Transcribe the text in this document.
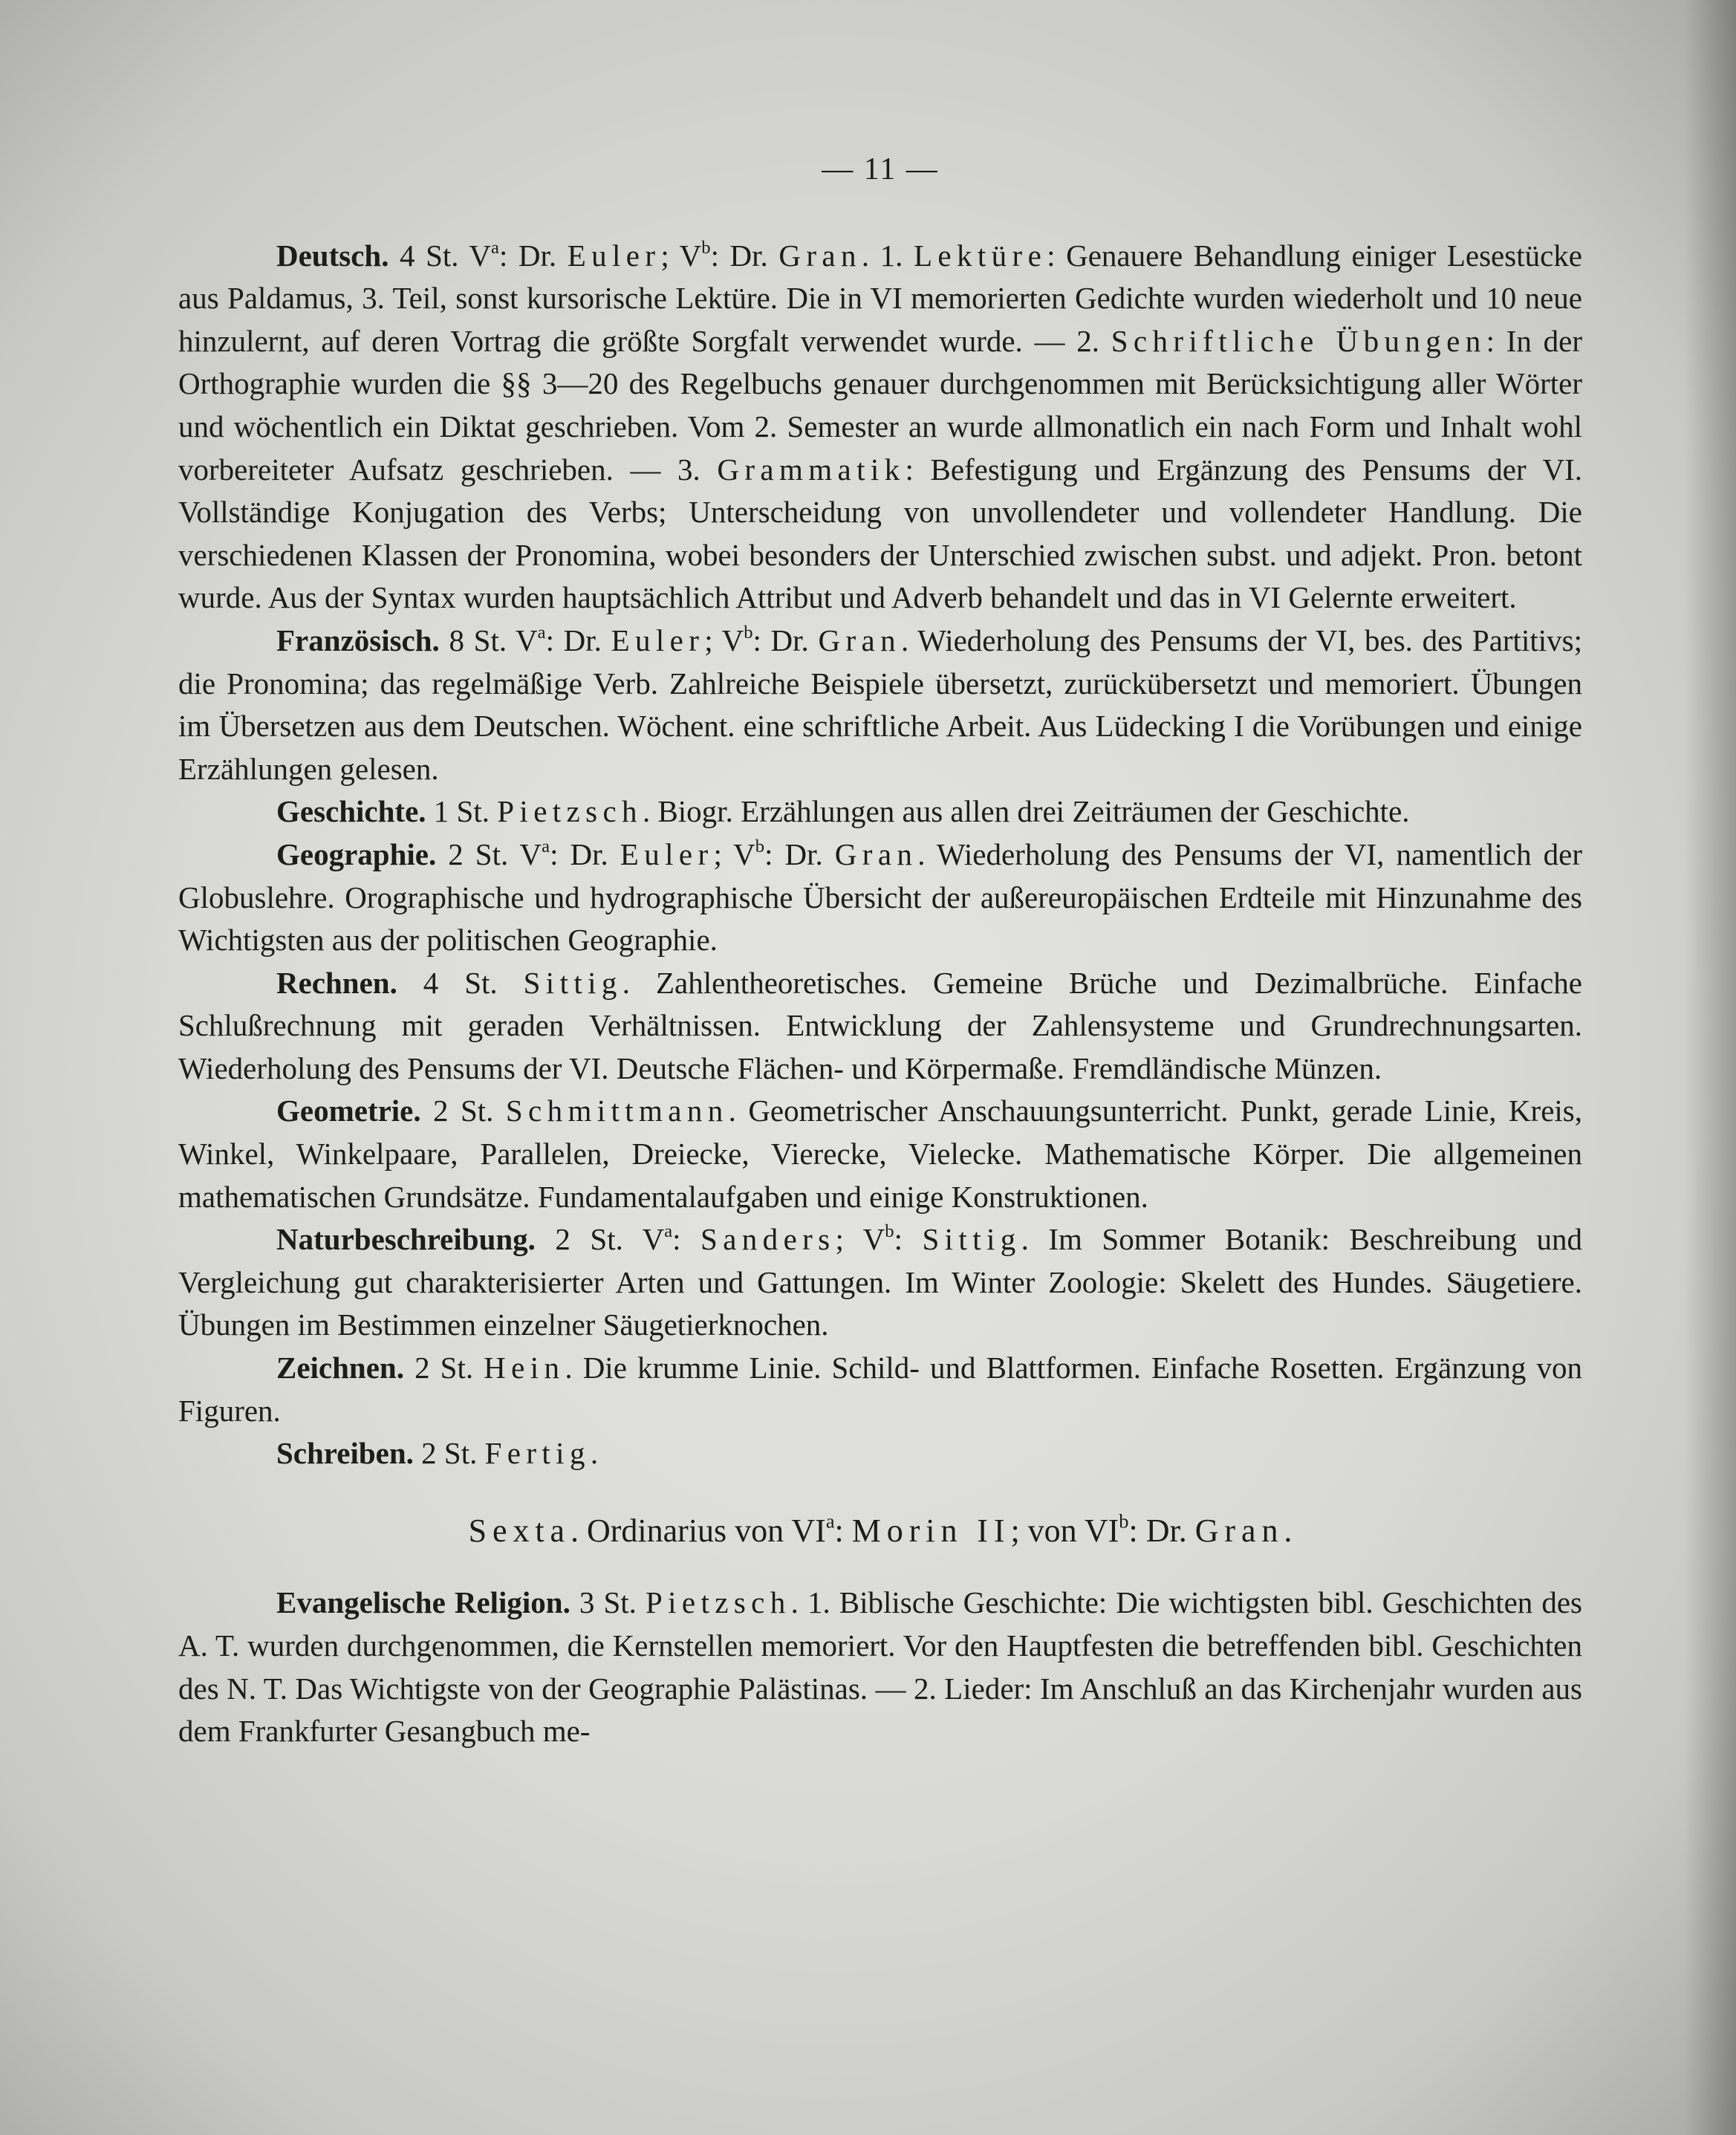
— 11 —

Deutsch. 4 St. $V^a$: Dr. Euler; $V^b$: Dr. Gran. 1. Lektüre: Genauere Behandlung einiger Lesestücke aus Paldamus, 3. Teil, sonst kursorische Lektüre. Die in VI memorierten Gedichte wurden wiederholt und 10 neue hinzulernt, auf deren Vortrag die größte Sorgfalt verwendet wurde. — 2. Schriftliche Übungen: In der Orthographie wurden die §§ 3—20 des Regelbuchs genauer durchgenommen mit Berücksichtigung aller Wörter und wöchentlich ein Diktat geschrieben. Vom 2. Semester an wurde allmonatlich ein nach Form und Inhalt wohl vorbereiteter Aufsatz geschrieben. — 3. Grammatik: Befestigung und Ergänzung des Pensums der VI. Vollständige Konjugation des Verbs; Unterscheidung von unvollendeter und vollendeter Handlung. Die verschiedenen Klassen der Pronomina, wobei besonders der Unterschied zwischen subst. und adjekt. Pron. betont wurde. Aus der Syntax wurden hauptsächlich Attribut und Adverb behandelt und das in VI Gelernte erweitert.

Französisch. 8 St. $V^a$: Dr. Euler; $V^b$: Dr. Gran. Wiederholung des Pensums der VI, bes. des Partitivs; die Pronomina; das regelmäßige Verb. Zahlreiche Beispiele übersetzt, zurückübersetzt und memoriert. Übungen im Übersetzen aus dem Deutschen. Wöchent. eine schriftliche Arbeit. Aus Lüdecking I die Vorübungen und einige Erzählungen gelesen.

Geschichte. 1 St. Pietzsch. Biogr. Erzählungen aus allen drei Zeiträumen der Geschichte.

Geographie. 2 St. $V^a$: Dr. Euler; $V^b$: Dr. Gran. Wiederholung des Pensums der VI, namentlich der Globuslehre. Orographische und hydrographische Übersicht der außereuropäischen Erdteile mit Hinzunahme des Wichtigsten aus der politischen Geographie.

Rechnen. 4 St. Sittig. Zahlentheoretisches. Gemeine Brüche und Dezimalbrüche. Einfache Schlußrechnung mit geraden Verhältnissen. Entwicklung der Zahlensysteme und Grundrechnungsarten. Wiederholung des Pensums der VI. Deutsche Flächen- und Körpermaße. Fremdländische Münzen.

Geometrie. 2 St. Schmittmann. Geometrischer Anschauungsunterricht. Punkt, gerade Linie, Kreis, Winkel, Winkelpaare, Parallelen, Dreiecke, Vierecke, Vielecke. Mathematische Körper. Die allgemeinen mathematischen Grundsätze. Fundamentalaufgaben und einige Konstruktionen.

Naturbeschreibung. 2 St. $V^a$: Sanders; $V^b$: Sittig. Im Sommer Botanik: Beschreibung und Vergleichung gut charakterisierter Arten und Gattungen. Im Winter Zoologie: Skelett des Hundes. Säugetiere. Übungen im Bestimmen einzelner Säugetierknochen.

Zeichnen. 2 St. Hein. Die krumme Linie. Schild- und Blattformen. Einfache Rosetten. Ergänzung von Figuren.

Schreiben. 2 St. Fertig.

Sexta. Ordinarius von $VI^a$: Morin II; von $VI^b$: Dr. Gran.

Evangelische Religion. 3 St. Pietzsch. 1. Biblische Geschichte: Die wichtigsten bibl. Geschichten des A. T. wurden durchgenommen, die Kernstellen memoriert. Vor den Hauptfesten die betreffenden bibl. Geschichten des N. T. Das Wichtigste von der Geographie Palästinas. — 2. Lieder: Im Anschluß an das Kirchenjahr wurden aus dem Frankfurter Gesangbuch me-
